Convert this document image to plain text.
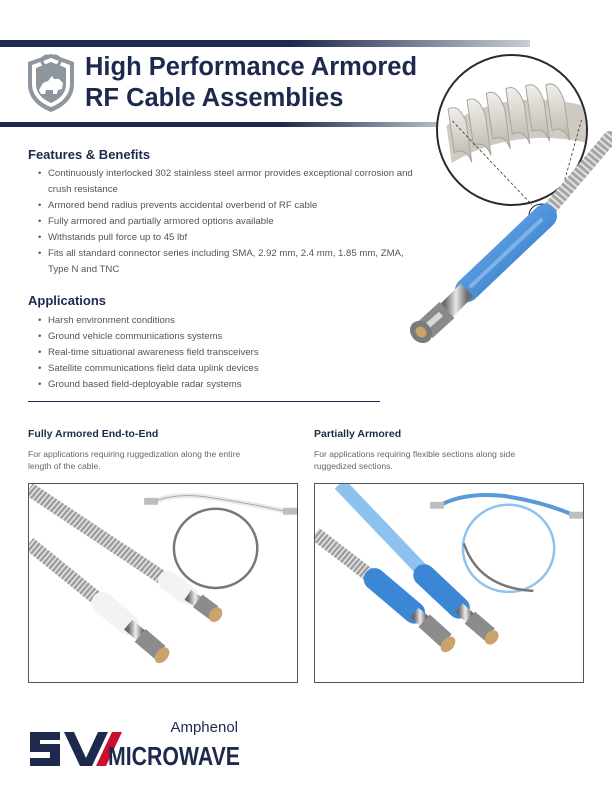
High Performance Armored
RF Cable Assemblies
Features & Benefits
• Continuously interlocked 302 stainless steel armor provides exceptional corrosion and
crush resistance
• Armored bend radius prevents accidental overbend of RF cable
• Fully armored and partially armored options available
• Withstands pull force up to 45 lbf
• Fits all standard connector series including SMA, 2.92 mm, 2.4 mm, 1.85 mm, ZMA,
Type N and TNC
Applications
• Harsh environment conditions
• Ground vehicle communications systems
• Real-time situational awareness field transceivers
• Satellite communications field data uplink devices
• Ground based field-deployable radar systems
Fully Armored End-to-End
For applications requiring ruggedization along the entire
length of the cable.
Partially Armored
For applications requiring flexible sections along side
ruggedized sections.
Amphenol
MICROWAVE
